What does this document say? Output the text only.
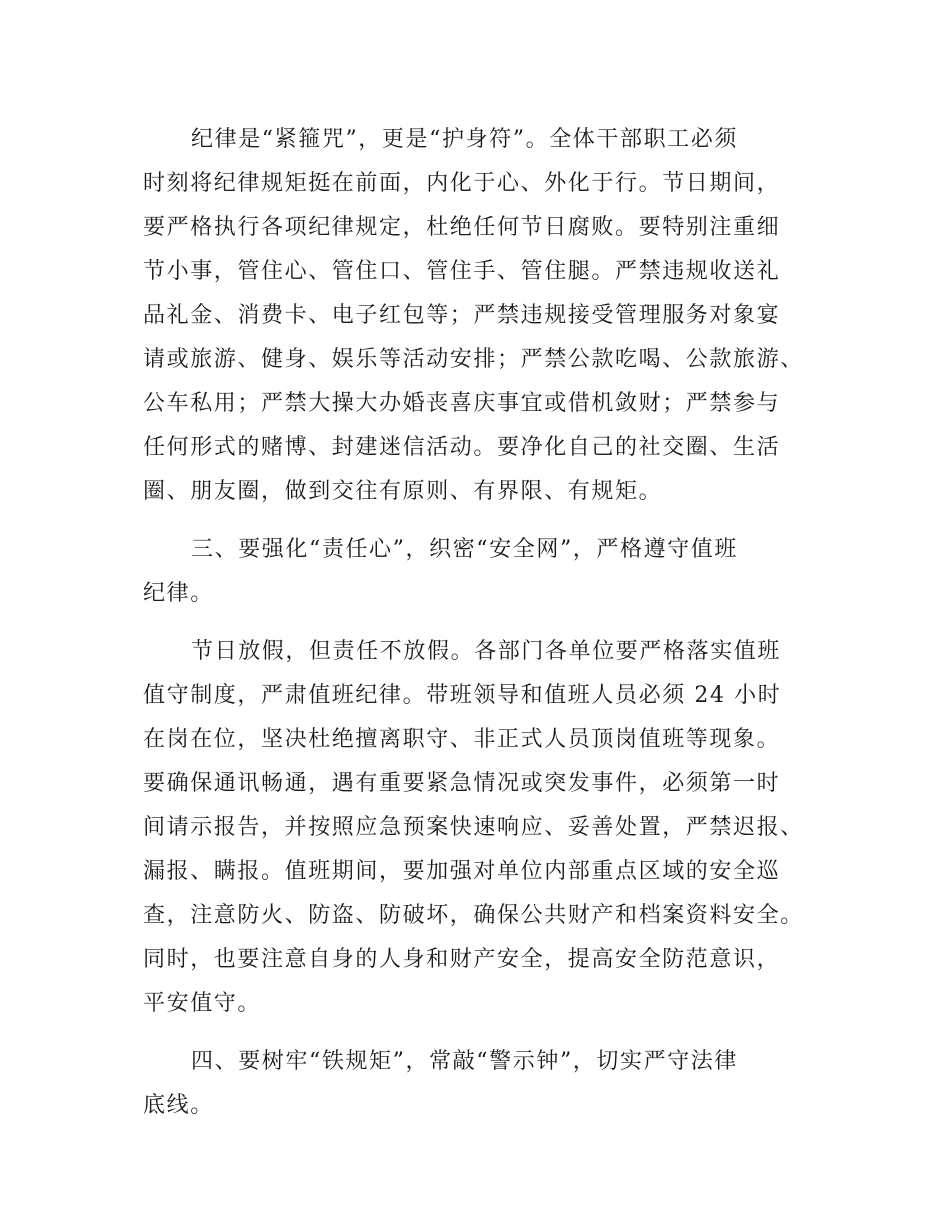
纪律是“紧箍咒”，更是“护身符”。全体干部职工必须
时刻将纪律规矩挺在前面，内化于心、外化于行。节日期间，
要严格执行各项纪律规定，杜绝任何节日腐败。要特别注重细
节小事，管住心、管住口、管住手、管住腿。严禁违规收送礼
品礼金、消费卡、电子红包等；严禁违规接受管理服务对象宴
请或旅游、健身、娱乐等活动安排；严禁公款吃喝、公款旅游、
公车私用；严禁大操大办婚丧喜庆事宜或借机敛财；严禁参与
任何形式的赌博、封建迷信活动。要净化自己的社交圈、生活
圈、朋友圈，做到交往有原则、有界限、有规矩。
三、要强化“责任心”，织密“安全网”，严格遵守值班
纪律。
节日放假，但责任不放假。各部门各单位要严格落实值班
值守制度，严肃值班纪律。带班领导和值班人员必须 24 小时
在岗在位，坚决杜绝擅离职守、非正式人员顶岗值班等现象。
要确保通讯畅通，遇有重要紧急情况或突发事件，必须第一时
间请示报告，并按照应急预案快速响应、妥善处置，严禁迟报、
漏报、瞒报。值班期间，要加强对单位内部重点区域的安全巡
查，注意防火、防盗、防破坏，确保公共财产和档案资料安全。
同时，也要注意自身的人身和财产安全，提高安全防范意识，
平安值守。
四、要树牢“铁规矩”，常敲“警示钟”，切实严守法律
底线。
